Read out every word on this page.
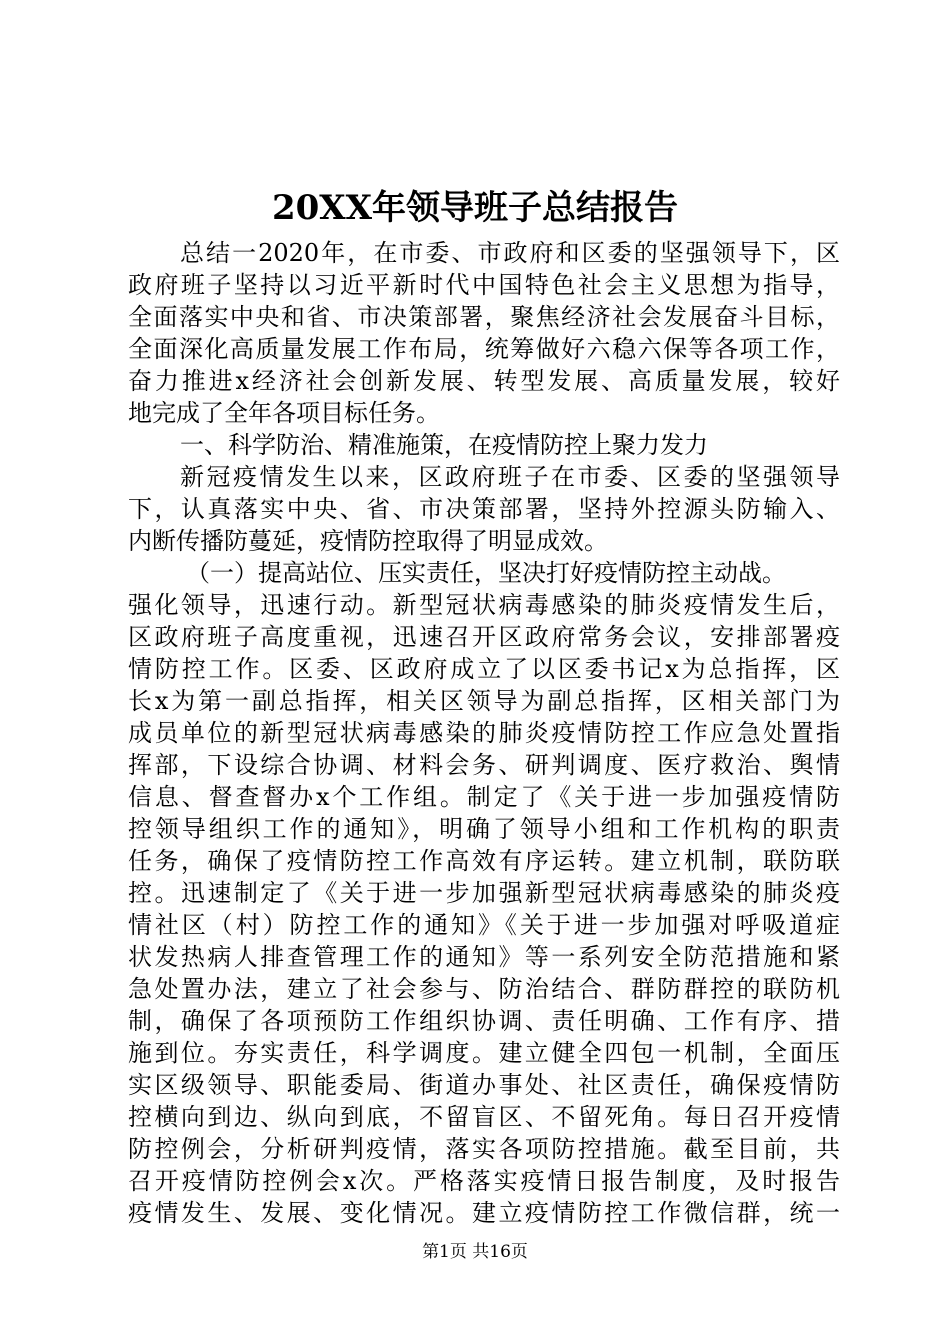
20XX年领导班子总结报告
总结一2020年，在市委、市政府和区委的坚强领导下，区
政府班子坚持以习近平新时代中国特色社会主义思想为指导，
全面落实中央和省、市决策部署，聚焦经济社会发展奋斗目标，
全面深化高质量发展工作布局，统筹做好六稳六保等各项工作，
奋力推进x经济社会创新发展、转型发展、高质量发展，较好
地完成了全年各项目标任务。
一、科学防治、精准施策，在疫情防控上聚力发力
新冠疫情发生以来，区政府班子在市委、区委的坚强领导
下，认真落实中央、省、市决策部署，坚持外控源头防输入、
内断传播防蔓延，疫情防控取得了明显成效。
（一）提高站位、压实责任，坚决打好疫情防控主动战。
强化领导，迅速行动。新型冠状病毒感染的肺炎疫情发生后，
区政府班子高度重视，迅速召开区政府常务会议，安排部署疫
情防控工作。区委、区政府成立了以区委书记x为总指挥，区
长x为第一副总指挥，相关区领导为副总指挥，区相关部门为
成员单位的新型冠状病毒感染的肺炎疫情防控工作应急处置指
挥部，下设综合协调、材料会务、研判调度、医疗救治、舆情
信息、督查督办x个工作组。制定了《关于进一步加强疫情防
控领导组织工作的通知》，明确了领导小组和工作机构的职责
任务，确保了疫情防控工作高效有序运转。建立机制，联防联
控。迅速制定了《关于进一步加强新型冠状病毒感染的肺炎疫
情社区（村）防控工作的通知》《关于进一步加强对呼吸道症
状发热病人排查管理工作的通知》等一系列安全防范措施和紧
急处置办法，建立了社会参与、防治结合、群防群控的联防机
制，确保了各项预防工作组织协调、责任明确、工作有序、措
施到位。夯实责任，科学调度。建立健全四包一机制，全面压
实区级领导、职能委局、街道办事处、社区责任，确保疫情防
控横向到边、纵向到底，不留盲区、不留死角。每日召开疫情
防控例会，分析研判疫情，落实各项防控措施。截至目前，共
召开疫情防控例会x次。严格落实疫情日报告制度，及时报告
疫情发生、发展、变化情况。建立疫情防控工作微信群，统一
第1页 共16页
